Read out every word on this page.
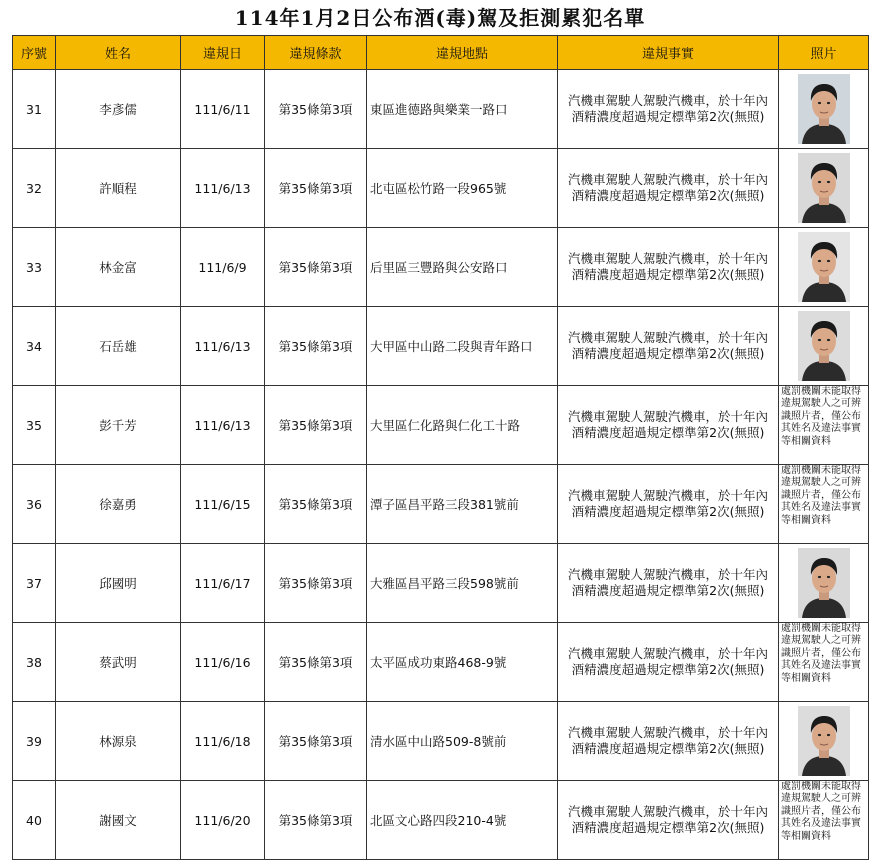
114年1月2日公布酒(毒)駕及拒測累犯名單
序號	姓名	違規日	違規條款	違規地點	違規事實	照片
31	李彥儒	111/6/11	第35條第3項	東區進德路與樂業一路口	汽機車駕駛人駕駛汽機車，於十年內
酒精濃度超過規定標準第2次(無照)

32	許順程	111/6/13	第35條第3項	北屯區松竹路一段965號	汽機車駕駛人駕駛汽機車，於十年內
酒精濃度超過規定標準第2次(無照)

33	林金富	111/6/9	第35條第3項	后里區三豐路與公安路口	汽機車駕駛人駕駛汽機車，於十年內
酒精濃度超過規定標準第2次(無照)

34	石岳雄	111/6/13	第35條第3項	大甲區中山路二段與青年路口	汽機車駕駛人駕駛汽機車，於十年內
酒精濃度超過規定標準第2次(無照)

35	彭千芳	111/6/13	第35條第3項	大里區仁化路與仁化工十路	汽機車駕駛人駕駛汽機車，於十年內
酒精濃度超過規定標準第2次(無照)	處罰機關未能取得違規駕駛人之可辨識照片者，僅公布 其姓名及違法事實等相關資料

36	徐嘉勇	111/6/15	第35條第3項	潭子區昌平路三段381號前	汽機車駕駛人駕駛汽機車，於十年內
酒精濃度超過規定標準第2次(無照)	處罰機關未能取得違規駕駛人之可辨識照片者，僅公布 其姓名及違法事實等相關資料

37	邱國明	111/6/17	第35條第3項	大雅區昌平路三段598號前	汽機車駕駛人駕駛汽機車，於十年內
酒精濃度超過規定標準第2次(無照)

38	蔡武明	111/6/16	第35條第3項	太平區成功東路468-9號	汽機車駕駛人駕駛汽機車，於十年內
酒精濃度超過規定標準第2次(無照)	處罰機關未能取得違規駕駛人之可辨識照片者，僅公布 其姓名及違法事實等相關資料

39	林源泉	111/6/18	第35條第3項	清水區中山路509-8號前	汽機車駕駛人駕駛汽機車，於十年內
酒精濃度超過規定標準第2次(無照)

40	謝國文	111/6/20	第35條第3項	北區文心路四段210-4號	汽機車駕駛人駕駛汽機車，於十年內
酒精濃度超過規定標準第2次(無照)	處罰機關未能取得違規駕駛人之可辨識照片者，僅公布 其姓名及違法事實等相關資料
